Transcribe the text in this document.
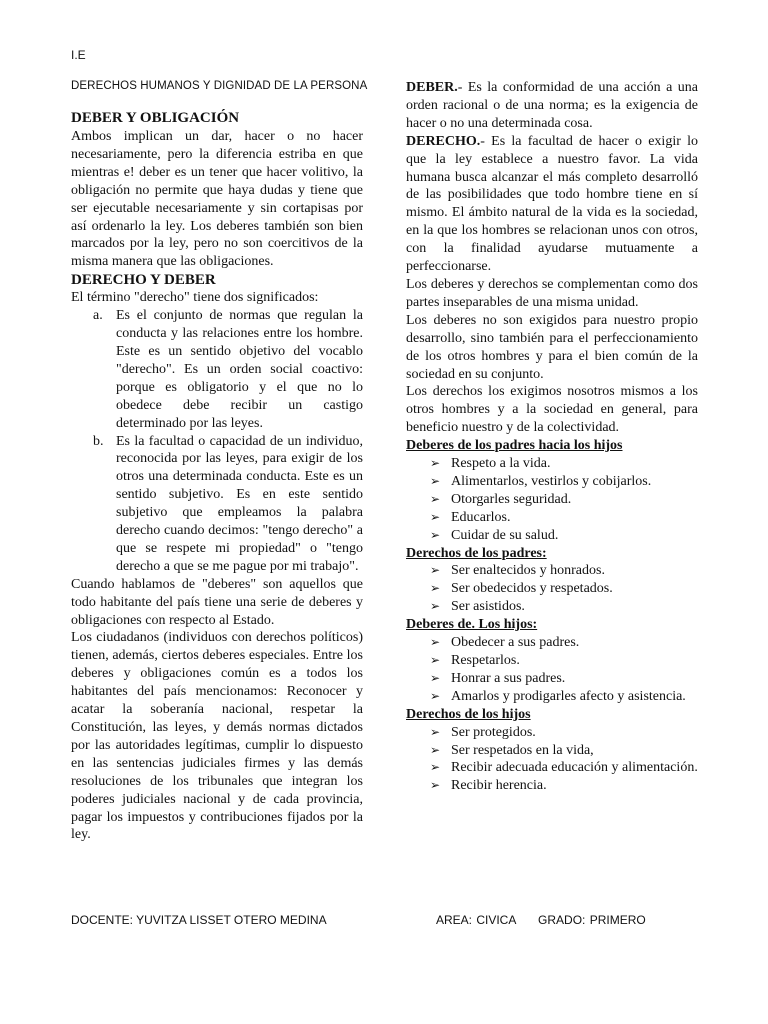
I.E
DERECHOS HUMANOS Y DIGNIDAD DE LA PERSONA
DEBER Y OBLIGACIÓN

Ambos implican un dar, hacer o no hacer necesariamente, pero la diferencia estriba en que mientras e! deber es un tener que hacer volitivo, la obligación no permite que haya dudas y tiene que ser ejecutable necesariamente y sin cortapisas por así ordenarlo la ley. Los deberes también son bien marcados por la ley, pero no son coercitivos de la misma manera que las obligaciones.

DERECHO Y DEBER

El término "derecho" tiene dos significados:

a. Es el conjunto de normas que regulan la conducta y las relaciones entre los hombre. Este es un sentido objetivo del vocablo "derecho". Es un orden social coactivo: porque es obligatorio y el que no lo obedece debe recibir un castigo determinado por las leyes.
b. Es la facultad o capacidad de un individuo, reconocida por las leyes, para exigir de los otros una determinada conducta. Este es un sentido subjetivo. Es en este sentido subjetivo que empleamos la palabra derecho cuando decimos: "tengo derecho" a que se respete mi propiedad" o "tengo derecho a que se me pague por mi trabajo".

Cuando hablamos de "deberes" son aquellos que todo habitante del país tiene una serie de deberes y obligaciones con respecto al Estado.

Los ciudadanos (individuos con derechos políticos) tienen, además, ciertos deberes especiales. Entre los deberes y obligaciones común es a todos los habitantes del país mencionamos: Reconocer y acatar la soberanía nacional, respetar la Constitución, las leyes, y demás normas dictados por las autoridades legítimas, cumplir lo dispuesto en las sentencias judiciales firmes y las demás resoluciones de los tribunales que integran los poderes judiciales nacional y de cada provincia, pagar los impuestos y contribuciones fijados por la ley.

DEBER.- Es la conformidad de una acción a una orden racional o de una norma; es la exigencia de hacer o no una determinada cosa.

DERECHO.- Es la facultad de hacer o exigir lo que la ley establece a nuestro favor. La vida humana busca alcanzar el más completo desarrolló de las posibilidades que todo hombre tiene en sí mismo. El ámbito natural de la vida es la sociedad, en la que los hombres se relacionan unos con otros, con la finalidad ayudarse mutuamente a perfeccionarse.

Los deberes y derechos se complementan como dos partes inseparables de una misma unidad.

Los deberes no son exigidos para nuestro propio desarrollo, sino también para el perfeccionamiento de los otros hombres y para el bien común de la sociedad en su conjunto.

Los derechos los exigimos nosotros mismos a los otros hombres y a la sociedad en general, para beneficio nuestro y de la colectividad.

Deberes de los padres hacia los hijos

➢ Respeto a la vida.
➢ Alimentarlos, vestirlos y cobijarlos.
➢ Otorgarles seguridad.
➢ Educarlos.
➢ Cuidar de su salud.

Derechos de los padres:

➢ Ser enaltecidos y honrados.
➢ Ser obedecidos y respetados.
➢ Ser asistidos.

Deberes de. Los hijos:

➢ Obedecer a sus padres.
➢ Respetarlos.
➢ Honrar a sus padres.
➢ Amarlos y prodigarles afecto y asistencia.

Derechos de los hijos

➢ Ser protegidos.
➢ Ser respetados en la vida,
➢ Recibir adecuada educación y alimentación.
➢ Recibir herencia.
DOCENTE: YUVITZA LISSET OTERO MEDINA	AREA: CIVICA GRADO: PRIMERO
